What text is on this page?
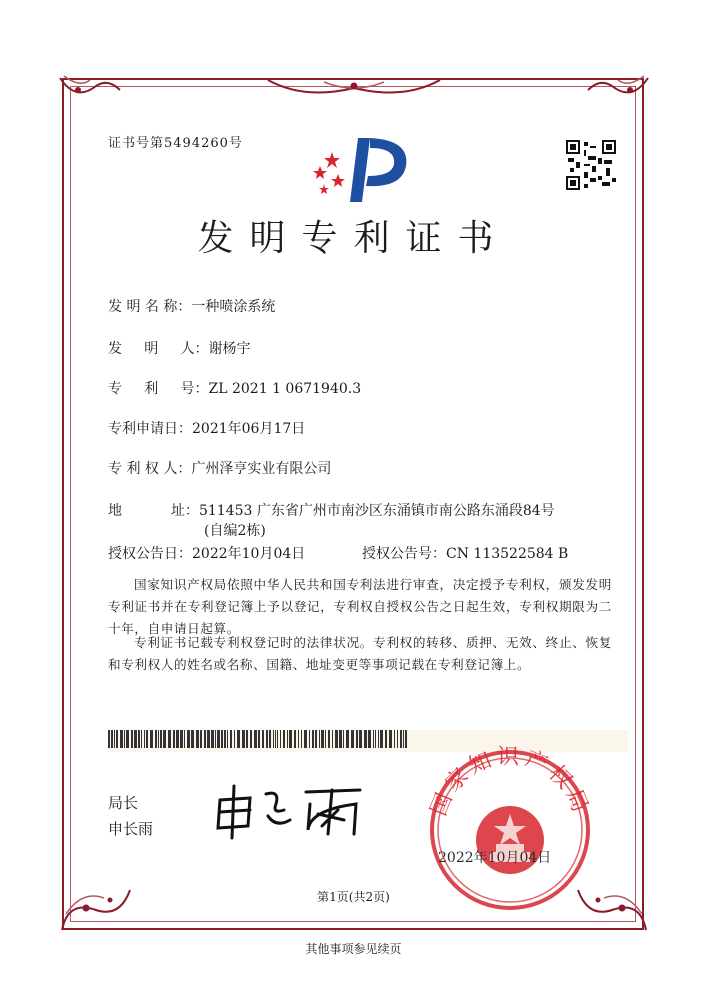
证书号第5494260号
发明专利证书
发 明 名 称：一种喷涂系统
发     明     人：谢杨宇
专     利     号：ZL 2021 1 0671940.3
专利申请日：2021年06月17日
专 利 权 人：广州泽亨实业有限公司
地           址：511453 广东省广州市南沙区东涌镇市南公路东涌段84号
(自编2栋)
授权公告日：2022年10月04日	授权公告号：CN 113522584 B
国家知识产权局依照中华人民共和国专利法进行审查，决定授予专利权，颁发发明专利证书并在专利登记簿上予以登记，专利权自授权公告之日起生效，专利权期限为二十年，自申请日起算。
专利证书记载专利权登记时的法律状况。专利权的转移、质押、无效、终止、恢复和专利权人的姓名或名称、国籍、地址变更等事项记载在专利登记簿上。
局长
申长雨
国家知识产权局
2022年10月04日
第1页(共2页)
其他事项参见续页
